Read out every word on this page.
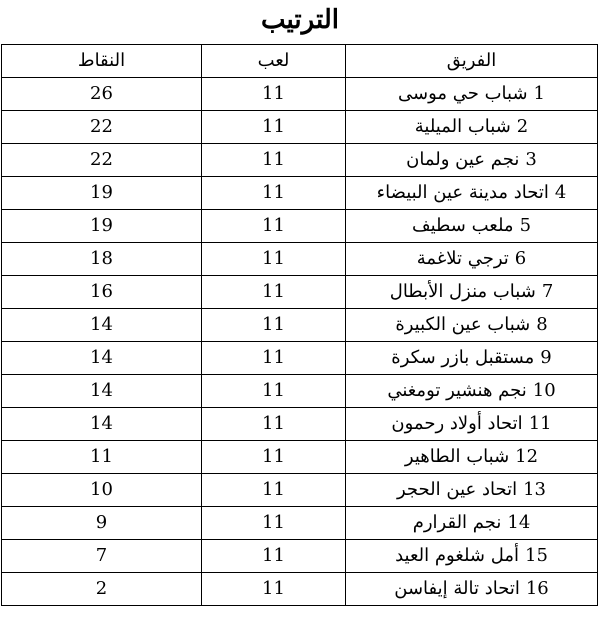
الترتيب
الفريق	لعب	النقاط
1شباب حي موسى	11	26
2شباب الميلية	11	22
3نجم عين ولمان	11	22
4اتحاد مدينة عين البيضاء	11	19
5ملعب سطيف	11	19
6ترجي تلاغمة	11	18
7شباب منزل الأبطال	11	16
8شباب عين الكبيرة	11	14
9مستقبل بازر سكرة	11	14
10نجم هنشير تومغني	11	14
11اتحاد أولاد رحمون	11	14
12شباب الطاهير	11	11
13اتحاد عين الحجر	11	10
14نجم القرارم	11	9
15أمل شلغوم العيد	11	7
16اتحاد تالة إيفاسن	11	2
